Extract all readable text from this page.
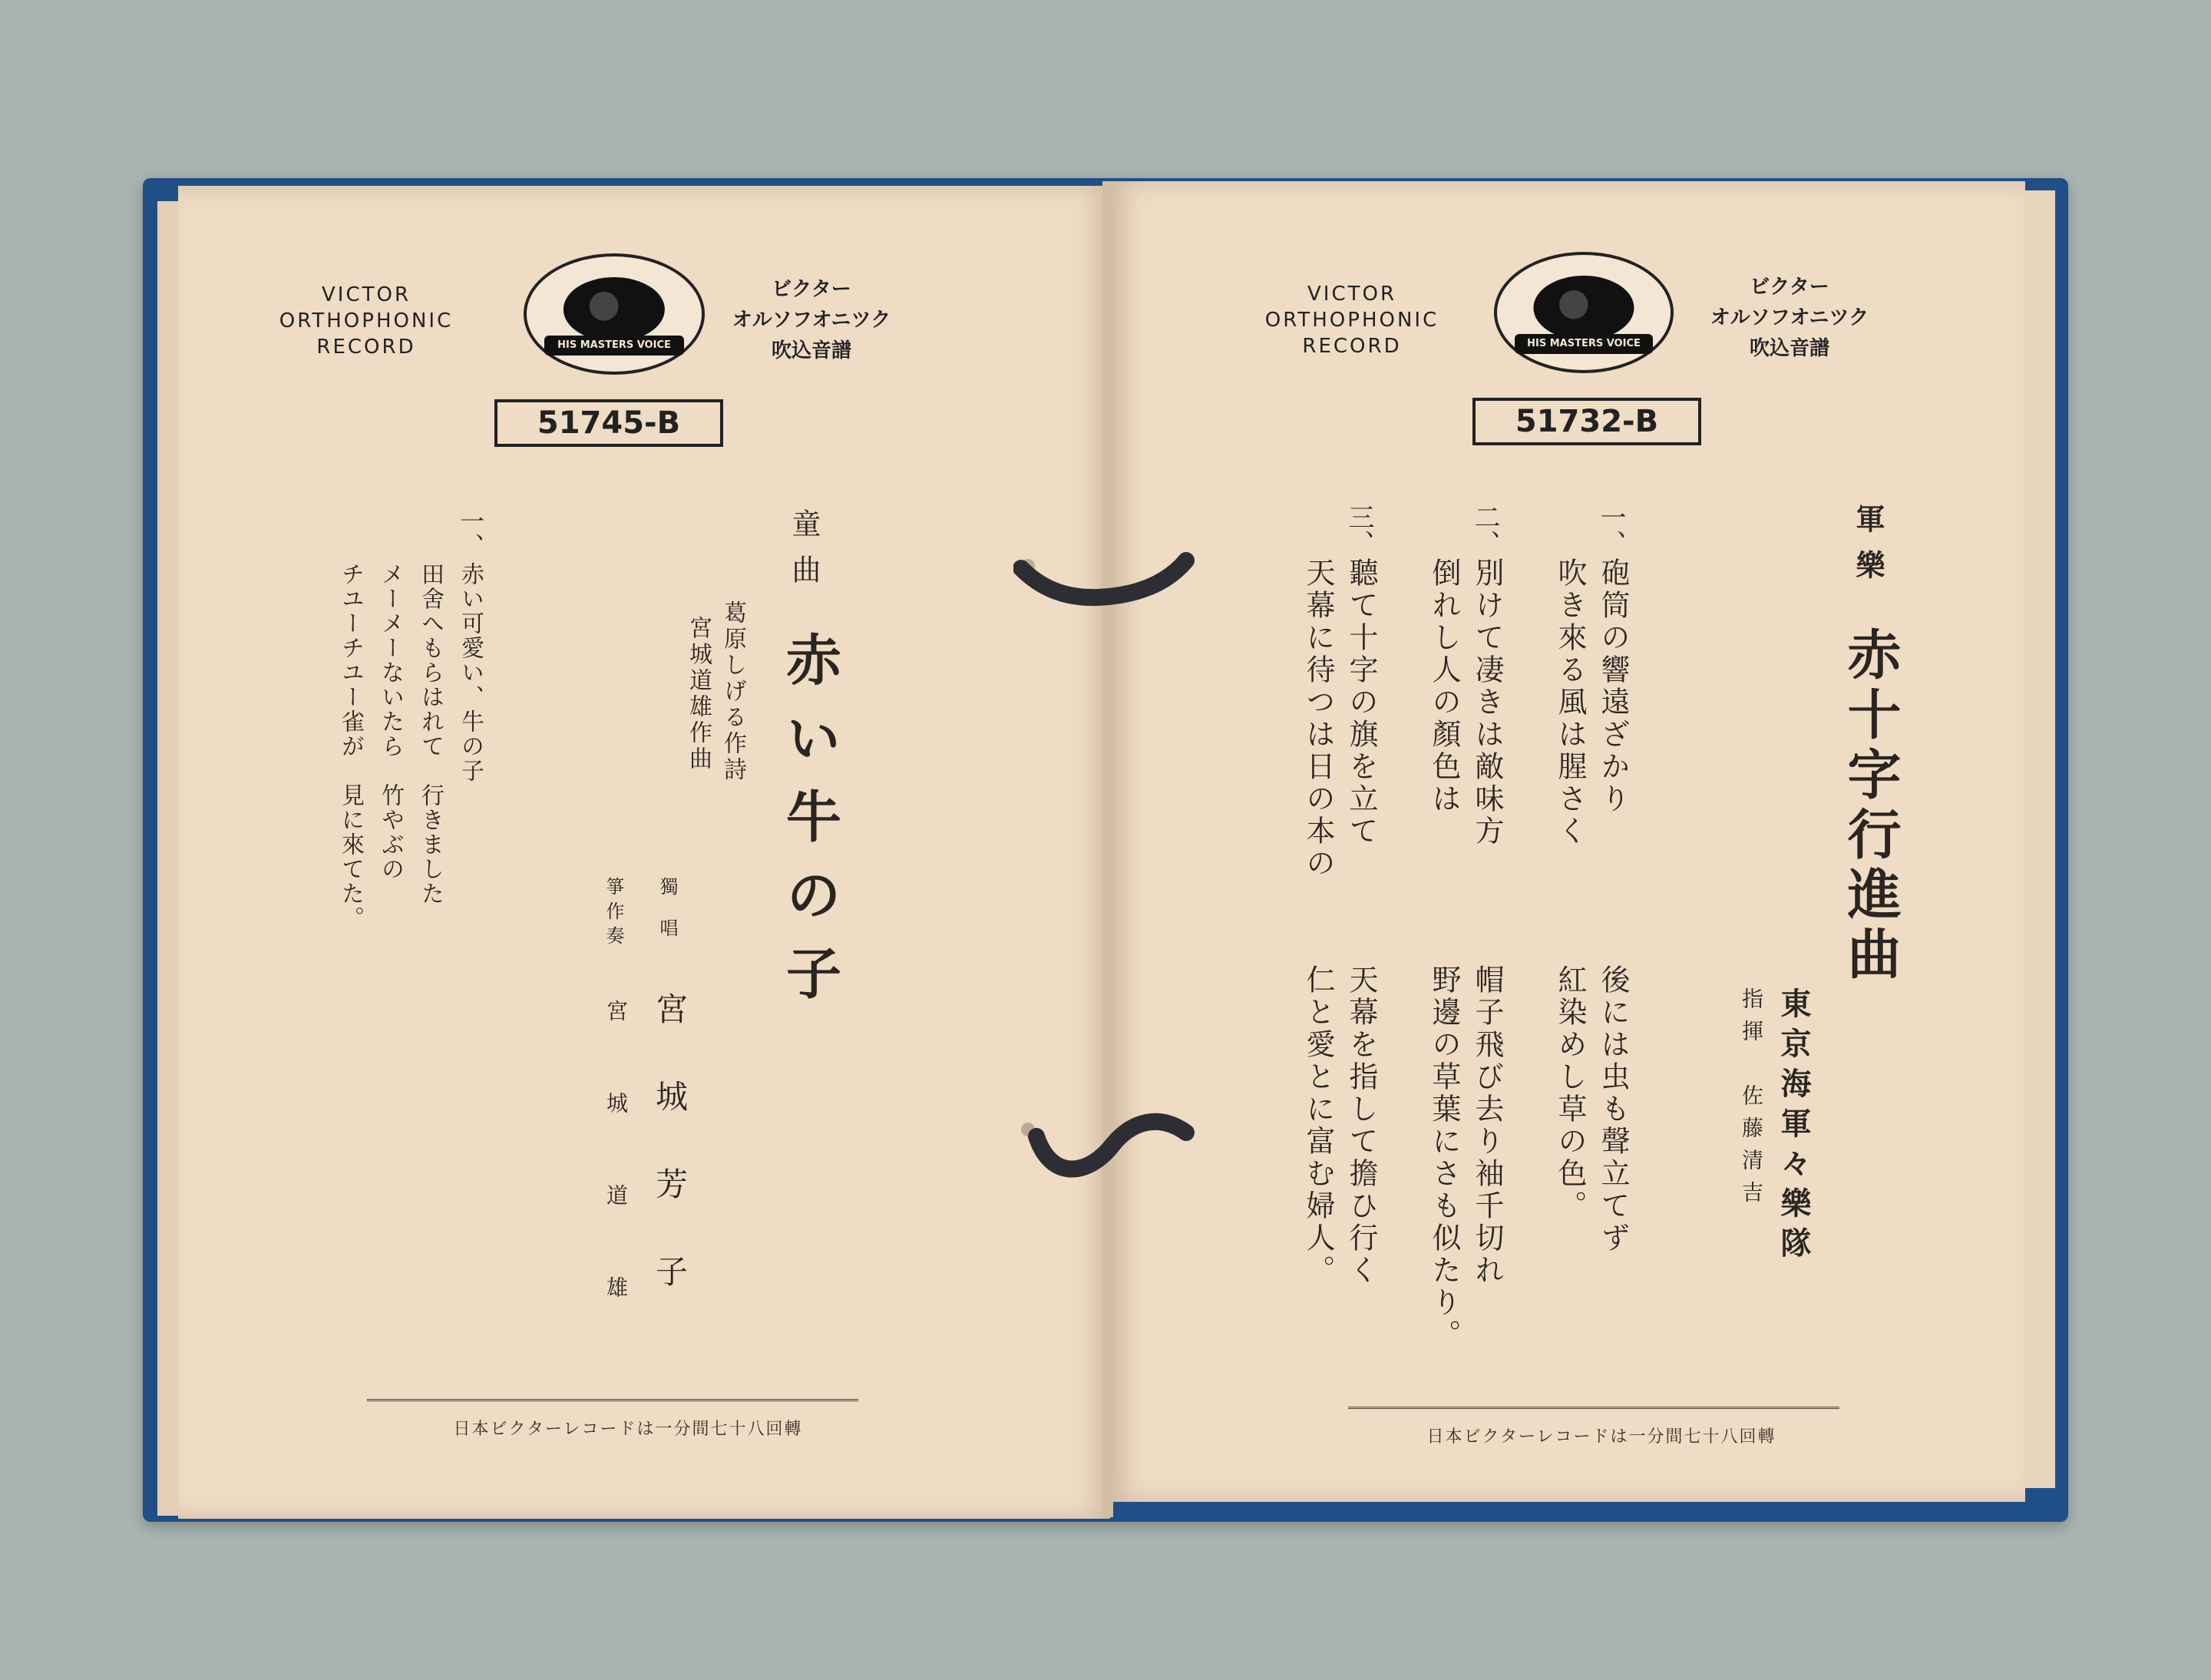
VICTOR
ORTHOPHONIC
RECORD	HIS MASTERS VOICE
ビクター
オルソフオニツク
吹込音譜
51745-B
童曲
赤い牛の子
葛原しげる作詩
宮城道雄作曲
獨唱
宮城芳子
箏作奏
宮城道雄
一、
赤い可愛い、牛の子
田舍へもらはれて　行きました
メーメーないたら　竹やぶの
チユーチユー雀が　見に來てた。
日本ビクターレコードは一分間七十八回轉
VICTOR
ORTHOPHONIC
RECORD	HIS MASTERS VOICE
ビクター
オルソフオニツク
吹込音譜
51732-B
軍樂
赤十字行進曲
東京海軍々樂隊
指揮　佐藤清吉
一、
砲筒の響遠ざかり
吹き來る風は腥さく
後には虫も聲立てず
紅染めし草の色。
二、
別けて凄きは敵味方
倒れし人の顏色は
帽子飛び去り袖千切れ
野邊の草葉にさも似たり。
三、
聽て十字の旗を立て
天幕に待つは日の本の
天幕を指して擔ひ行く
仁と愛とに富む婦人。
日本ビクターレコードは一分間七十八回轉
